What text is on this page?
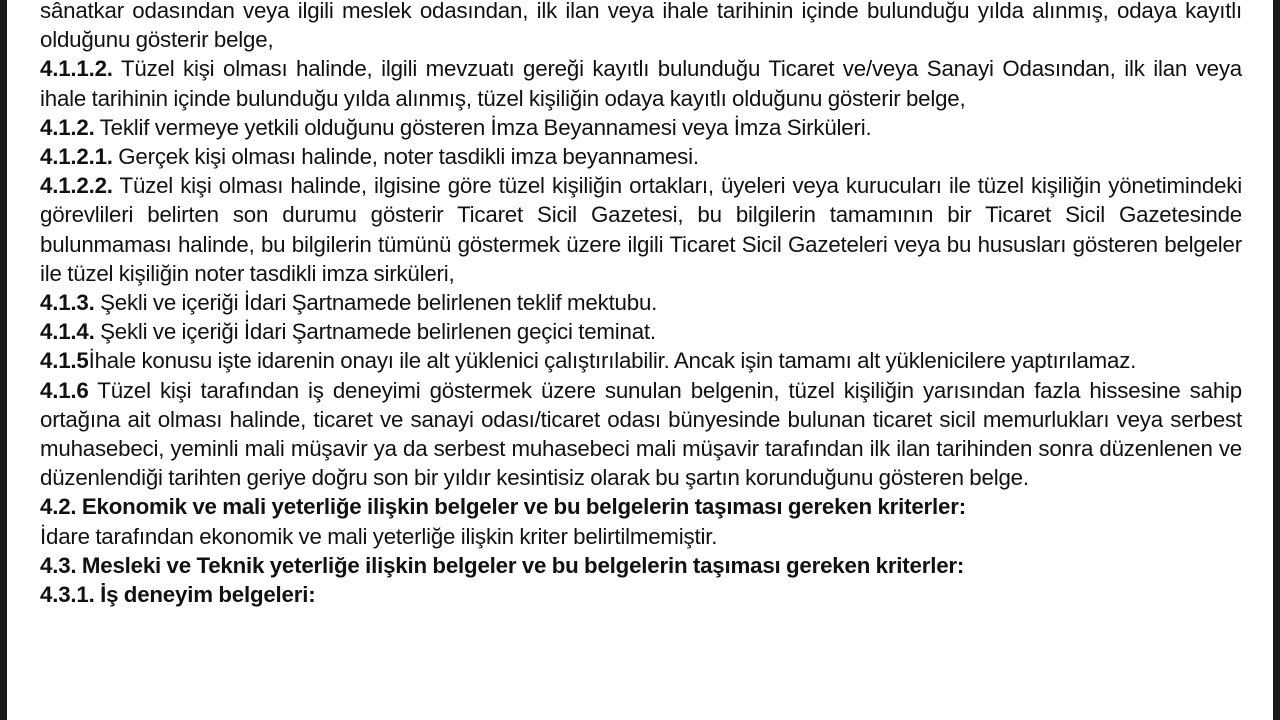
sânatkar odasından veya ilgili meslek odasından, ilk ilan veya ihale tarihinin içinde bulunduğu yılda alınmış, odaya kayıtlı olduğunu gösterir belge,

4.1.1.2. Tüzel kişi olması halinde, ilgili mevzuatı gereği kayıtlı bulunduğu Ticaret ve/veya Sanayi Odasından, ilk ilan veya ihale tarihinin içinde bulunduğu yılda alınmış, tüzel kişiliğin odaya kayıtlı olduğunu gösterir belge,

4.1.2. Teklif vermeye yetkili olduğunu gösteren İmza Beyannamesi veya İmza Sirküleri.

4.1.2.1. Gerçek kişi olması halinde, noter tasdikli imza beyannamesi.

4.1.2.2. Tüzel kişi olması halinde, ilgisine göre tüzel kişiliğin ortakları, üyeleri veya kurucuları ile tüzel kişiliğin yönetimindeki görevlileri belirten son durumu gösterir Ticaret Sicil Gazetesi, bu bilgilerin tamamının bir Ticaret Sicil Gazetesinde bulunmaması halinde, bu bilgilerin tümünü göstermek üzere ilgili Ticaret Sicil Gazeteleri veya bu hususları gösteren belgeler ile tüzel kişiliğin noter tasdikli imza sirküleri,

4.1.3. Şekli ve içeriği İdari Şartnamede belirlenen teklif mektubu.

4.1.4. Şekli ve içeriği İdari Şartnamede belirlenen geçici teminat.

4.1.5İhale konusu işte idarenin onayı ile alt yüklenici çalıştırılabilir. Ancak işin tamamı alt yüklenicilere yaptırılamaz.

4.1.6 Tüzel kişi tarafından iş deneyimi göstermek üzere sunulan belgenin, tüzel kişiliğin yarısından fazla hissesine sahip ortağına ait olması halinde, ticaret ve sanayi odası/ticaret odası bünyesinde bulunan ticaret sicil memurlukları veya serbest muhasebeci, yeminli mali müşavir ya da serbest muhasebeci mali müşavir tarafından ilk ilan tarihinden sonra düzenlenen ve düzenlendiği tarihten geriye doğru son bir yıldır kesintisiz olarak bu şartın korunduğunu gösteren belge.

4.2. Ekonomik ve mali yeterliğe ilişkin belgeler ve bu belgelerin taşıması gereken kriterler:

İdare tarafından ekonomik ve mali yeterliğe ilişkin kriter belirtilmemiştir.

4.3. Mesleki ve Teknik yeterliğe ilişkin belgeler ve bu belgelerin taşıması gereken kriterler:

4.3.1. İş deneyim belgeleri:
